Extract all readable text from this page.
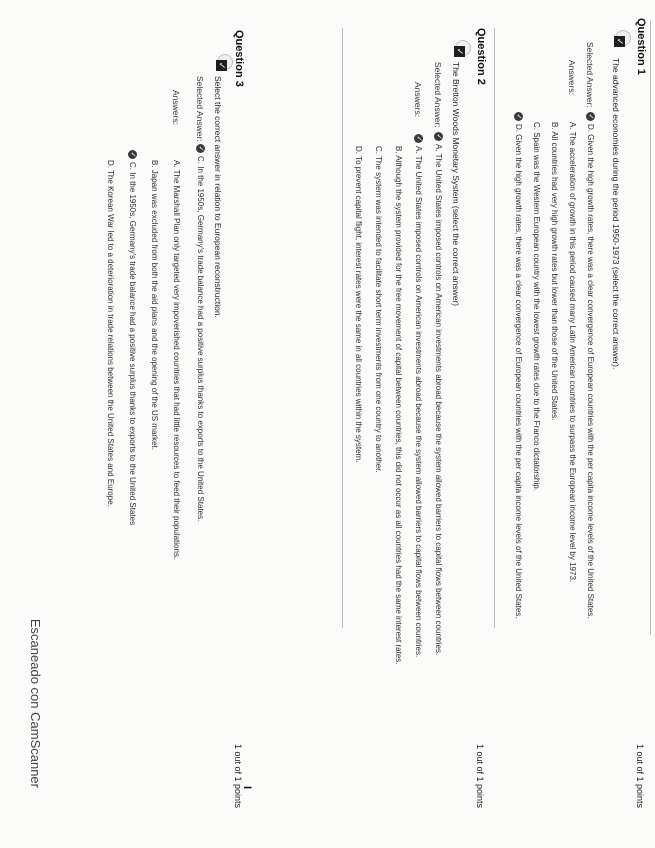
Question 1
1 out of 1 points
✓
The advanced economies during the period 1950-1973 (select the correct answer).
Selected Answer:
✓D. Given the high growth rates, there was a clear convergence of European countries with the per capita income levels of the United States.
Answers:
A. The acceleration of growth in this period caused many Latin American countries to surpass the European income level by 1973.
B. All countries had very high growth rates but lower than those of the United States.
C. Spain was the Western European country with the lowest growth rates due to the Franco dictatorship.
✓D. Given the high growth rates, there was a clear convergence of European countries with the per capita income levels of the United States.
Question 2
1 out of 1 points
✓
The Bretton Woods Monetary System (select the correct answer)
Selected Answer:
✓A. The United States imposed controls on American investments abroad because the system allowed barriers to capital flows between countries.
Answers:
✓A. The United States imposed controls on American investments abroad because the system allowed barriers to capital flows between countries.
B. Although the system provided for the free movement of capital between countries, this did not occur as all countries had the same interest rates.
C. The system was intended to facilitate short term investments from one country to another.
D. To prevent capital flight, interest rates were the same in all countries within the system.
Question 3
1 out of 1 points
I
✓
Select the correct answer in relation to European reconstruction.
Selected Answer:
✓C. In the 1950s, Germany's trade balance had a positive surplus thanks to exports to the United States.
Answers:
A. The Marshall Plan only targeted very impoverished countries that had little resources to feed their populations.
B. Japan was excluded from both the aid plans and the opening of the US market.
✓C. In the 1950s, Germany's trade balance had a positive surplus thanks to exports to the United States
D. The Korean War led to a deterioration in trade relations between the United States and Europe.
Escaneado con CamScanner
